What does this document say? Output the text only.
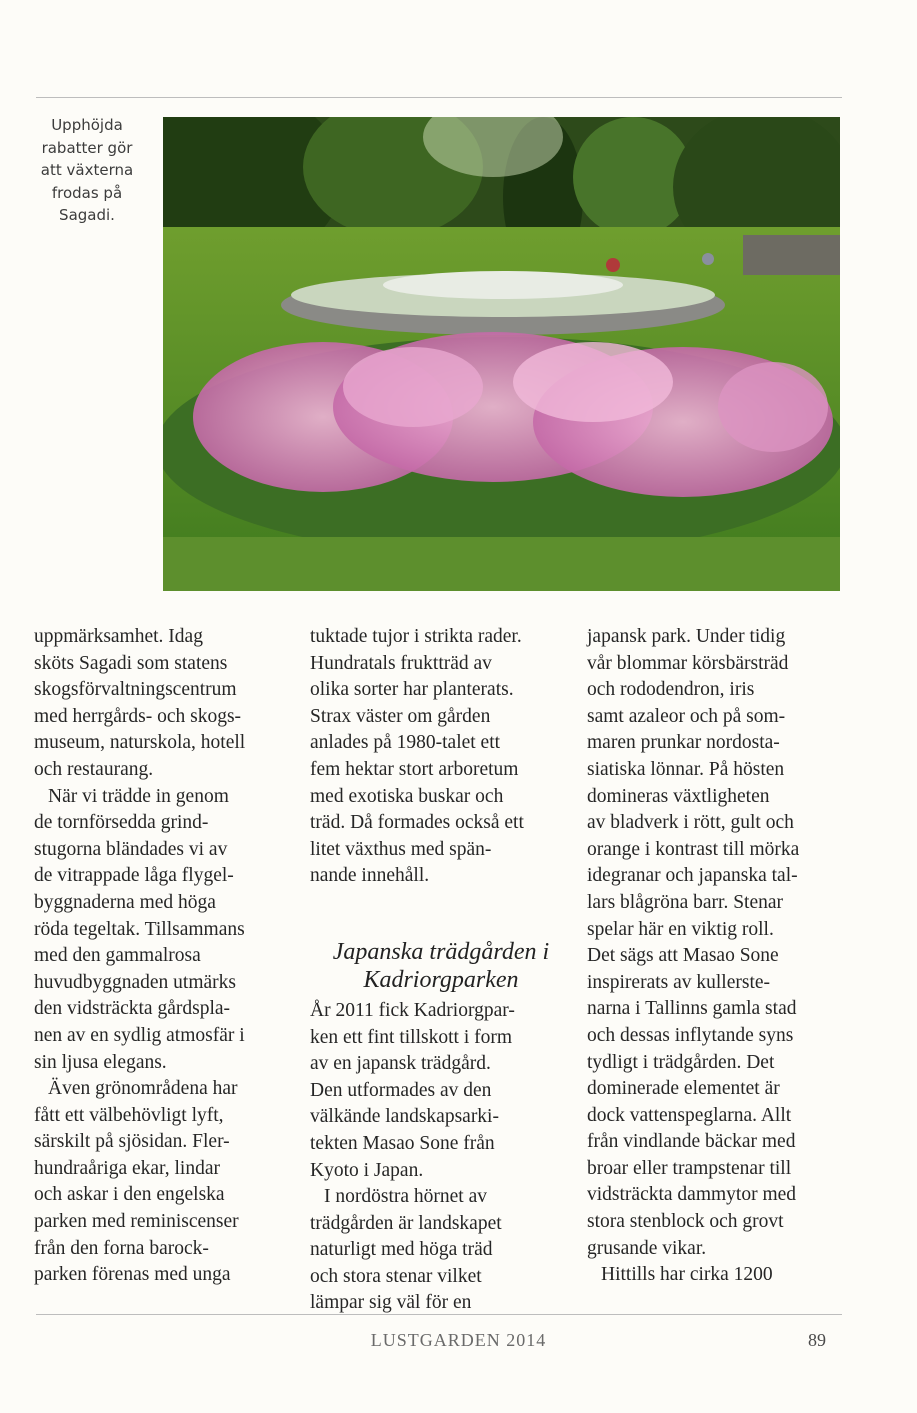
Upphöjda
rabatter gör
att växterna
frodas på
Sagadi.

uppmärksamhet. Idag
sköts Sagadi som statens
skogsförvaltningscentrum
med herrgårds- och skogs-
museum, naturskola, hotell
och restaurang.

När vi trädde in genom
de tornförsedda grind-
stugorna bländades vi av
de vitrappade låga flygel-
byggnaderna med höga
röda tegeltak. Tillsammans
med den gammalrosa
huvudbyggnaden utmärks
den vidsträckta gårdspla-
nen av en sydlig atmosfär i
sin ljusa elegans.

Även grönområdena har
fått ett välbehövligt lyft,
särskilt på sjösidan. Fler-
hundraåriga ekar, lindar
och askar i den engelska
parken med reminiscenser
från den forna barock-
parken förenas med unga

tuktade tujor i strikta rader.
Hundratals fruktträd av
olika sorter har planterats.
Strax väster om gården
anlades på 1980-talet ett
fem hektar stort arboretum
med exotiska buskar och
träd. Då formades också ett
litet växthus med spän-
nande innehåll.

Japanska trädgården i
Kadriorgparken

År 2011 fick Kadriorgpar-
ken ett fint tillskott i form
av en japansk trädgård.
Den utformades av den
välkände landskapsarki-
tekten Masao Sone från
Kyoto i Japan.

I nordöstra hörnet av
trädgården är landskapet
naturligt med höga träd
och stora stenar vilket
lämpar sig väl för en

japansk park. Under tidig
vår blommar körsbärsträd
och rododendron, iris
samt azaleor och på som-
maren prunkar nordosta-
siatiska lönnar. På hösten
domineras växtligheten
av bladverk i rött, gult och
orange i kontrast till mörka
idegranar och japanska tal-
lars blågröna barr. Stenar
spelar här en viktig roll.
Det sägs att Masao Sone
inspirerats av kullerste-
narna i Tallinns gamla stad
och dessas inflytande syns
tydligt i trädgården. Det
dominerade elementet är
dock vattenspeglarna. Allt
från vindlande bäckar med
broar eller trampstenar till
vidsträckta dammytor med
stora stenblock och grovt
grusande vikar.

Hittills har cirka 1200

LUSTGARDEN 2014	89
